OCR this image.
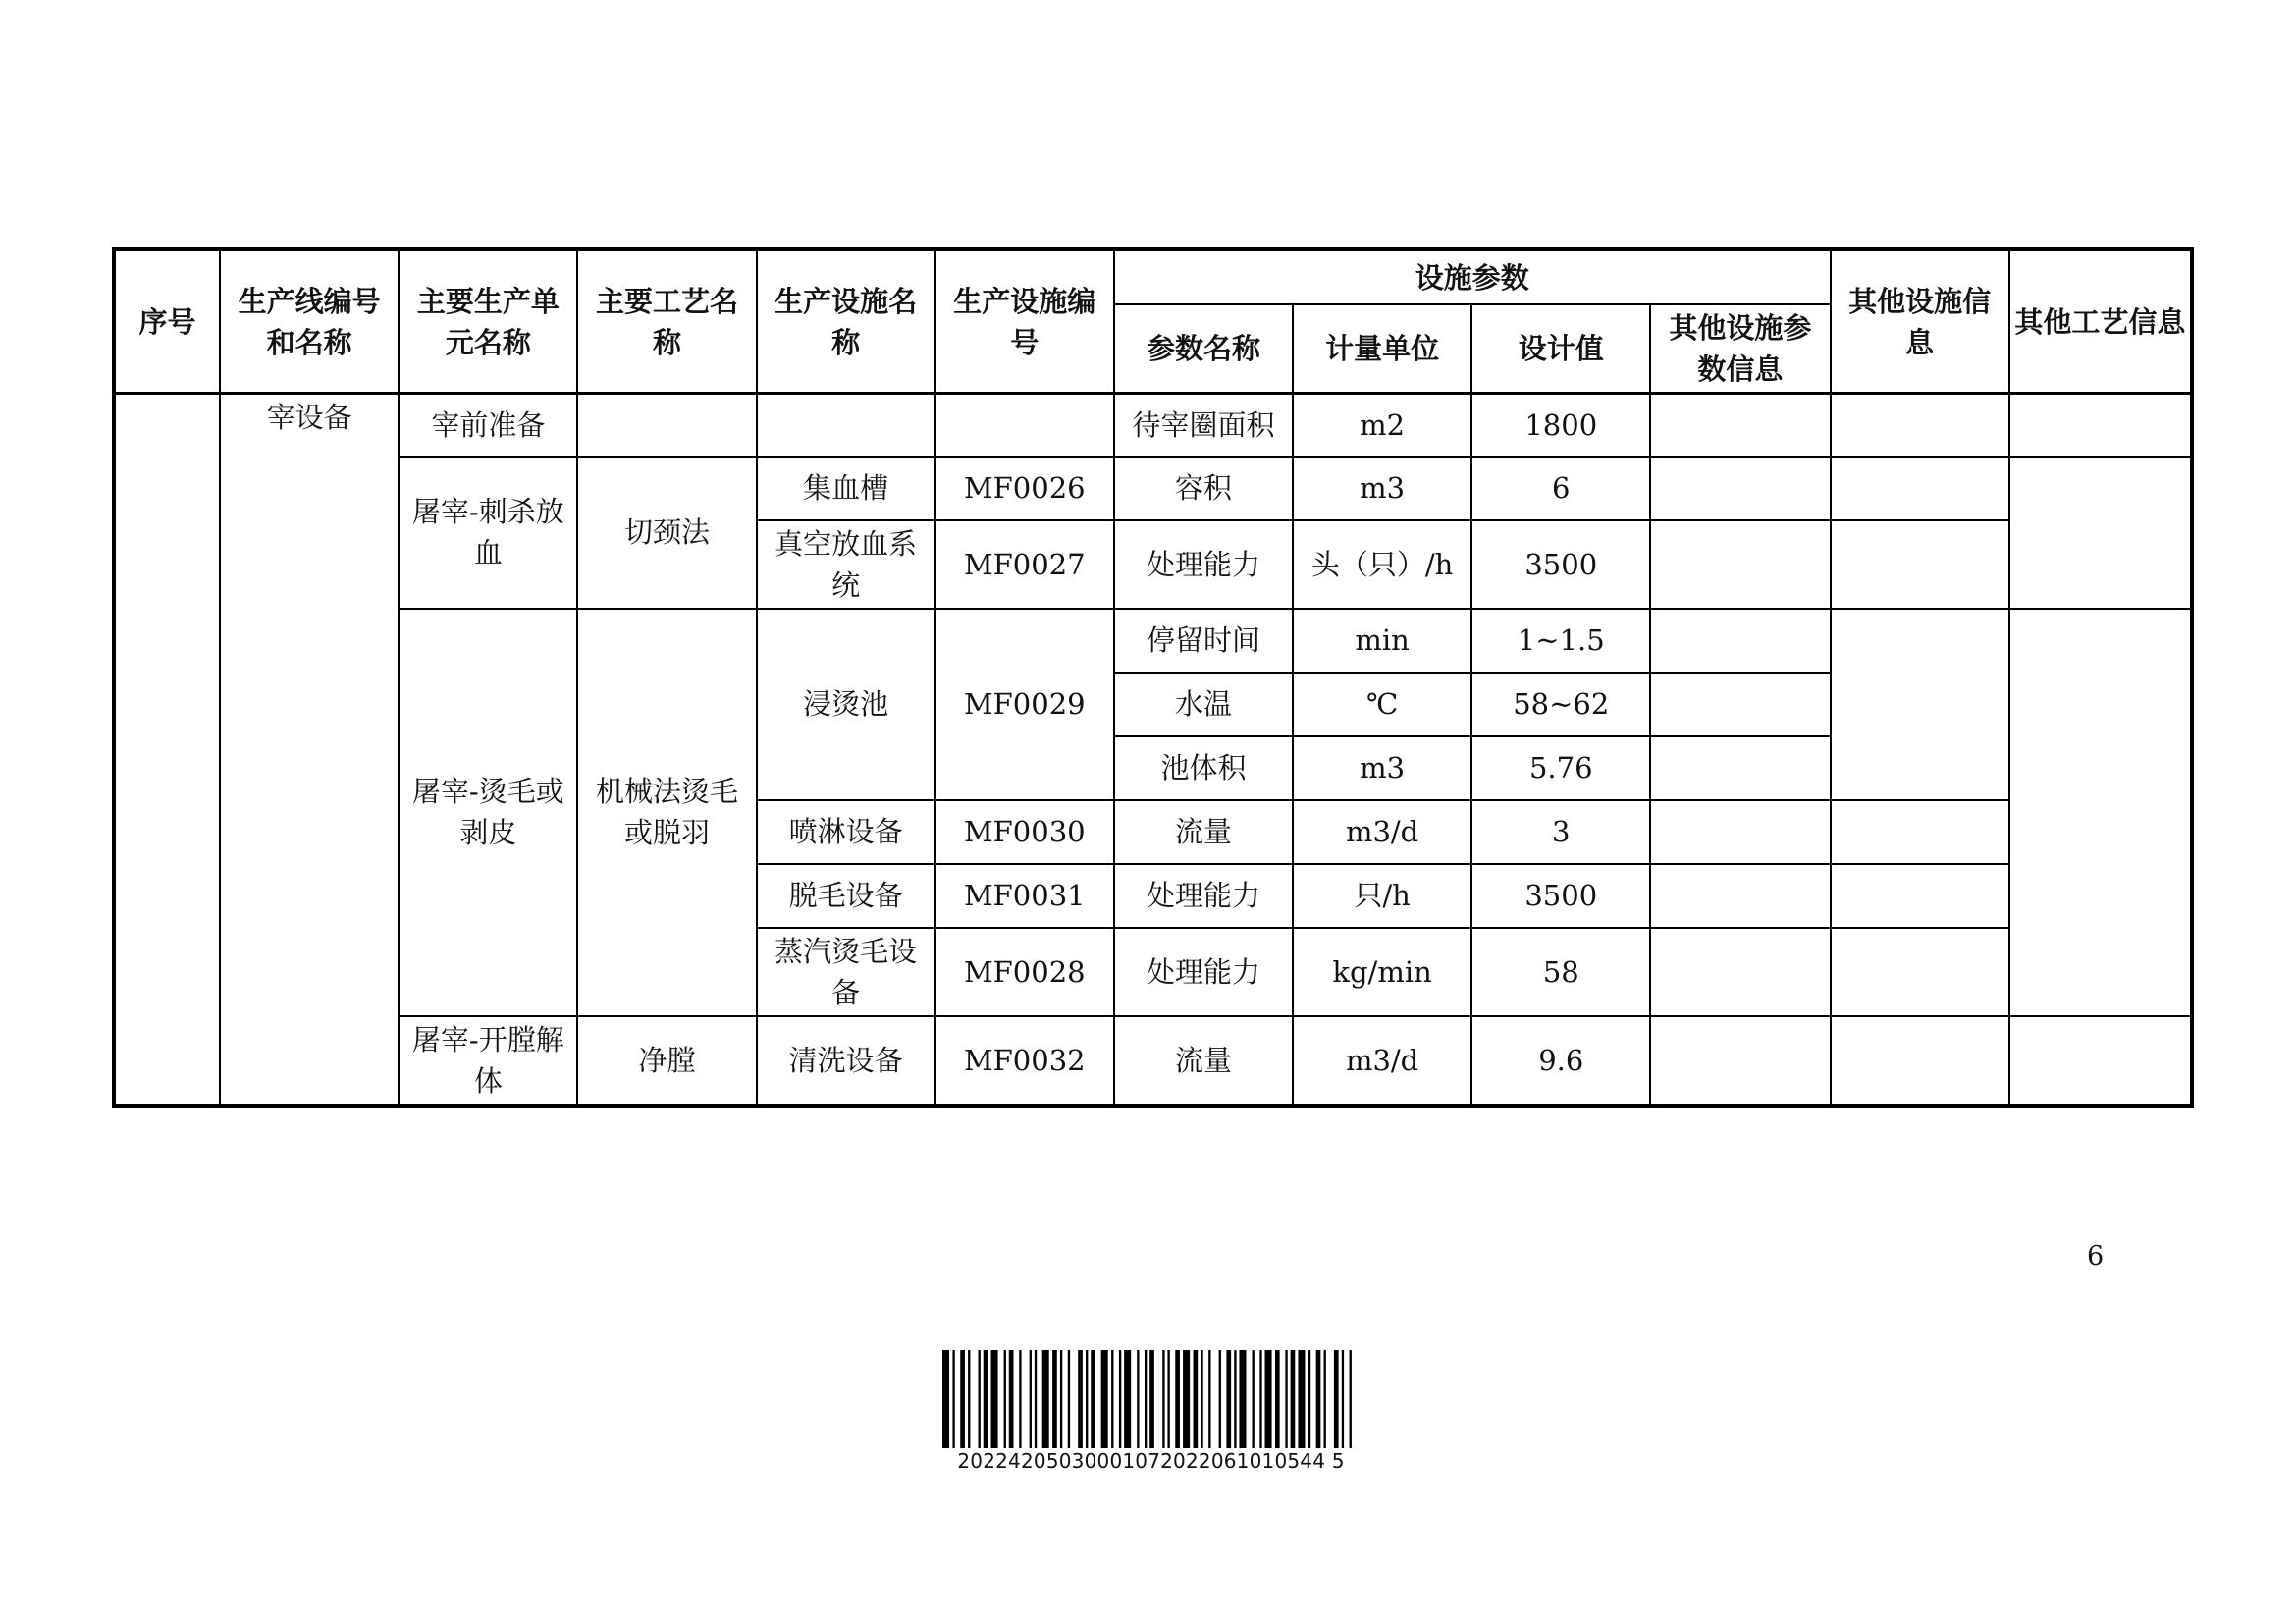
序号	生产线编号和名称	主要生产单元名称	主要工艺名称	生产设施名称	生产设施编号	设施参数				其他设施信息	其他工艺信息
						参数名称	计量单位	设计值	其他设施参数信息		
	宰设备	宰前准备				待宰圈面积	m2	1800			
		屠宰-刺杀放血	切颈法	集血槽	MF0026	容积	m3	6			
				真空放血系统	MF0027	处理能力	头（只）/h	3500			
		屠宰-烫毛或剥皮	机械法烫毛或脱羽	浸烫池	MF0029	停留时间	min	1~1.5			
						水温	℃	58~62			
						池体积	m3	5.76			
				喷淋设备	MF0030	流量	m3/d	3			
				脱毛设备	MF0031	处理能力	只/h	3500			
				蒸汽烫毛设备	MF0028	处理能力	kg/min	58			
		屠宰-开膛解体	净膛	清洗设备	MF0032	流量	m3/d	9.6			
6
20224205030001072022061010544 5
